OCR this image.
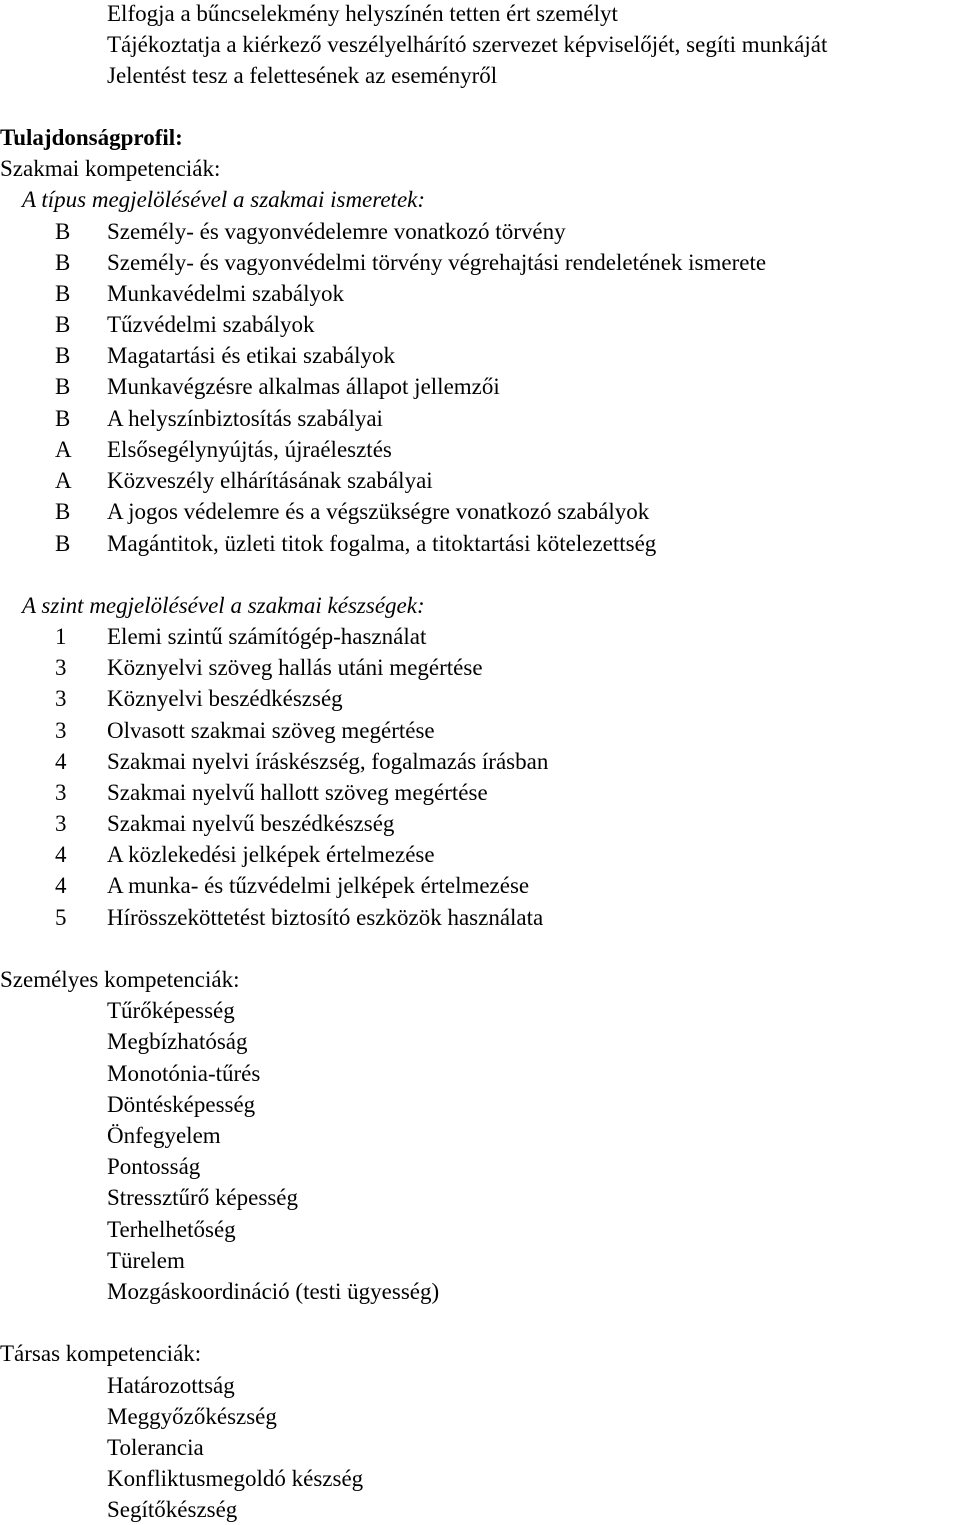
Elfogja a bűncselekmény helyszínén tetten ért személyt
Tájékoztatja a kiérkező veszélyelhárító szervezet képviselőjét, segíti munkáját
Jelentést tesz a felettesének az eseményről
Tulajdonságprofil:
Szakmai kompetenciák:
A típus megjelölésével a szakmai ismeretek:
B Személy- és vagyonvédelemre vonatkozó törvény
B Személy- és vagyonvédelmi törvény végrehajtási rendeletének ismerete
B Munkavédelmi szabályok
B Tűzvédelmi szabályok
B Magatartási és etikai szabályok
B Munkavégzésre alkalmas állapot jellemzői
B A helyszínbiztosítás szabályai
A Elsősegélynyújtás, újraélesztés
A Közveszély elhárításának szabályai
B A jogos védelemre és a végszükségre vonatkozó szabályok
B Magántitok, üzleti titok fogalma, a titoktartási kötelezettség
A szint megjelölésével a szakmai készségek:
1	Elemi szintű számítógép-használat
3	Köznyelvi szöveg hallás utáni megértése
3	Köznyelvi beszédkészség
3	Olvasott szakmai szöveg megértése
4	Szakmai nyelvi íráskészség, fogalmazás írásban
3	Szakmai nyelvű hallott szöveg megértése
3	Szakmai nyelvű beszédkészség
4	A közlekedési jelképek értelmezése
4	A munka- és tűzvédelmi jelképek értelmezése
5	Hírösszeköttetést biztosító eszközök használata
Személyes kompetenciák:
Tűrőképesség
Megbízhatóság
Monotónia-tűrés
Döntésképesség
Önfegyelem
Pontosság
Stressztűrő képesség
Terhelhetőség
Türelem
Mozgáskoordináció (testi ügyesség)
Társas kompetenciák:
Határozottság
Meggyőzőkészség
Tolerancia
Konfliktusmegoldó készség
Segítőkészség
